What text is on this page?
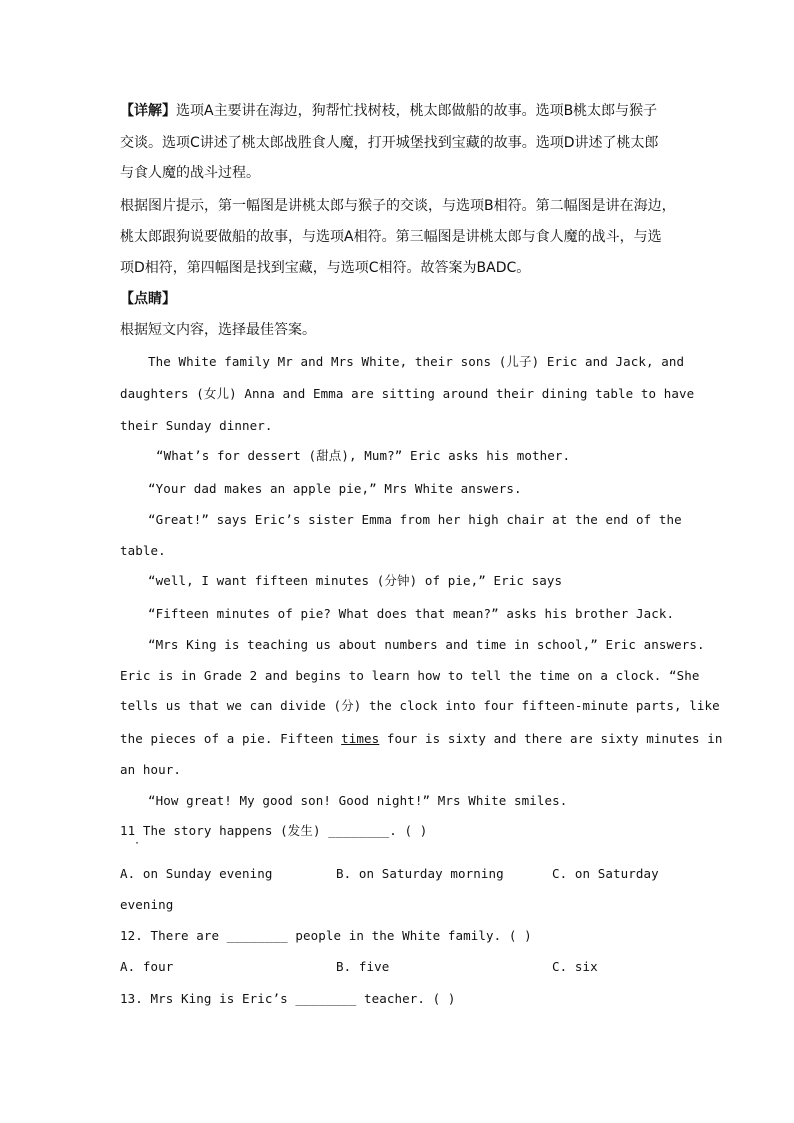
【详解】选项A主要讲在海边，狗帮忙找树枝，桃太郎做船的故事。选项B桃太郎与猴子
交谈。选项C讲述了桃太郎战胜食人魔，打开城堡找到宝藏的故事。选项D讲述了桃太郎
与食人魔的战斗过程。
根据图片提示，第一幅图是讲桃太郎与猴子的交谈，与选项B相符。第二幅图是讲在海边，
桃太郎跟狗说要做船的故事，与选项A相符。第三幅图是讲桃太郎与食人魔的战斗，与选
项D相符，第四幅图是找到宝藏，与选项C相符。故答案为BADC。
【点睛】
根据短文内容，选择最佳答案。
The White family Mr and Mrs White, their sons (儿子) Eric and Jack, and
daughters (女儿) Anna and Emma are sitting around their dining table to have
their Sunday dinner.
“What’s for dessert (甜点), Mum?” Eric asks his mother.
“Your dad makes an apple pie,” Mrs White answers.
“Great!” says Eric’s sister Emma from her high chair at the end of the
table.
“well, I want fifteen minutes (分钟) of pie,” Eric says
“Fifteen minutes of pie? What does that mean?” asks his brother Jack.
“Mrs King is teaching us about numbers and time in school,” Eric answers.
Eric is in Grade 2 and begins to learn how to tell the time on a clock. “She
tells us that we can divide (分) the clock into four fifteen-minute parts, like
the pieces of a pie. Fifteen times four is sixty and there are sixty minutes in
an hour.
“How great! My good son! Good night!” Mrs White smiles.
11 The story happens (发生) ________. ( )
·
A. on Sunday evening	B. on Saturday morning	C. on Saturday
evening
12. There are ________ people in the White family. ( )
A. four	B. five	C. six
13. Mrs King is Eric’s ________ teacher. ( )
